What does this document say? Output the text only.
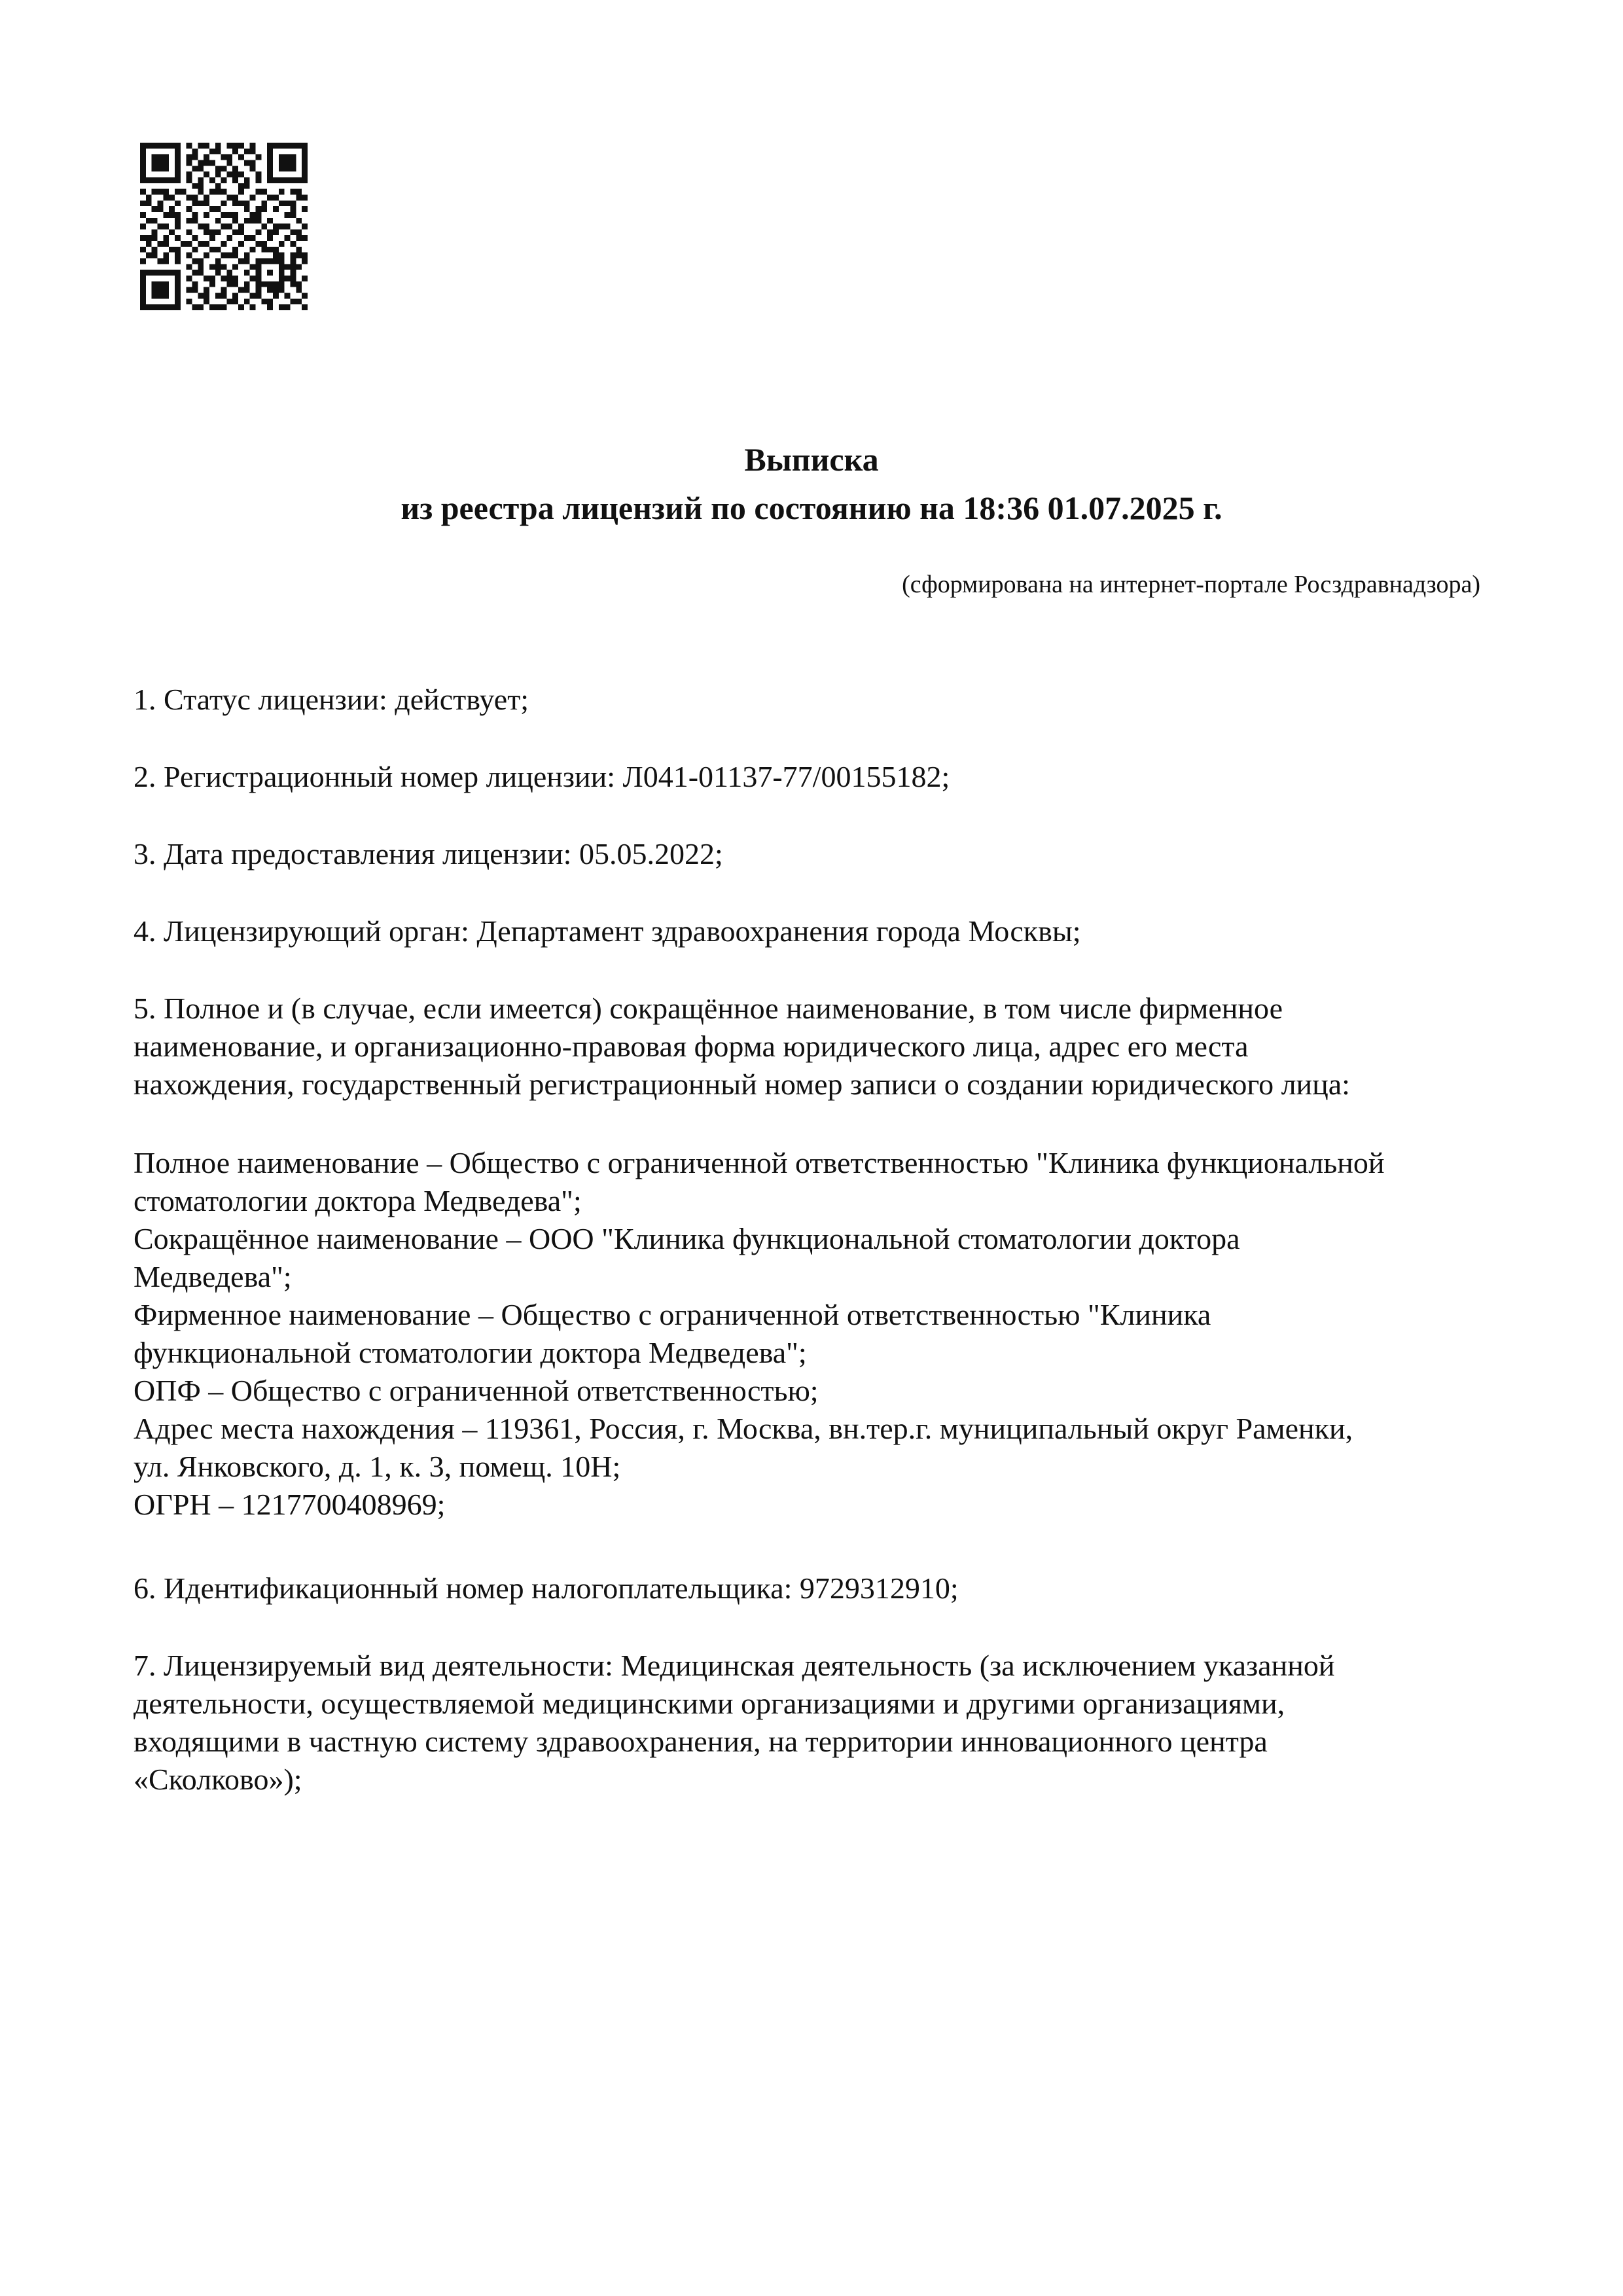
Выписка
из реестра лицензий по состоянию на 18:36 01.07.2025 г.
(сформирована на интернет-портале Росздравнадзора)
1. Статус лицензии: действует;
2. Регистрационный номер лицензии: Л041-01137-77/00155182;
3. Дата предоставления лицензии: 05.05.2022;
4. Лицензирующий орган: Департамент здравоохранения города Москвы;
5. Полное и (в случае, если имеется) сокращённое наименование, в том числе фирменное
наименование, и организационно-правовая форма юридического лица, адрес его места
нахождения, государственный регистрационный номер записи о создании юридического лица:
Полное наименование – Общество с ограниченной ответственностью "Клиника функциональной
стоматологии доктора Медведева";
Сокращённое наименование – ООО "Клиника функциональной стоматологии доктора
Медведева";
Фирменное наименование – Общество с ограниченной ответственностью "Клиника
функциональной стоматологии доктора Медведева";
ОПФ – Общество с ограниченной ответственностью;
Адрес места нахождения – 119361, Россия, г. Москва, вн.тер.г. муниципальный округ Раменки,
ул. Янковского, д. 1, к. 3, помещ. 10Н;
ОГРН – 1217700408969;
6. Идентификационный номер налогоплательщика: 9729312910;
7. Лицензируемый вид деятельности: Медицинская деятельность (за исключением указанной
деятельности, осуществляемой медицинскими организациями и другими организациями,
входящими в частную систему здравоохранения, на территории инновационного центра
«Сколково»);
